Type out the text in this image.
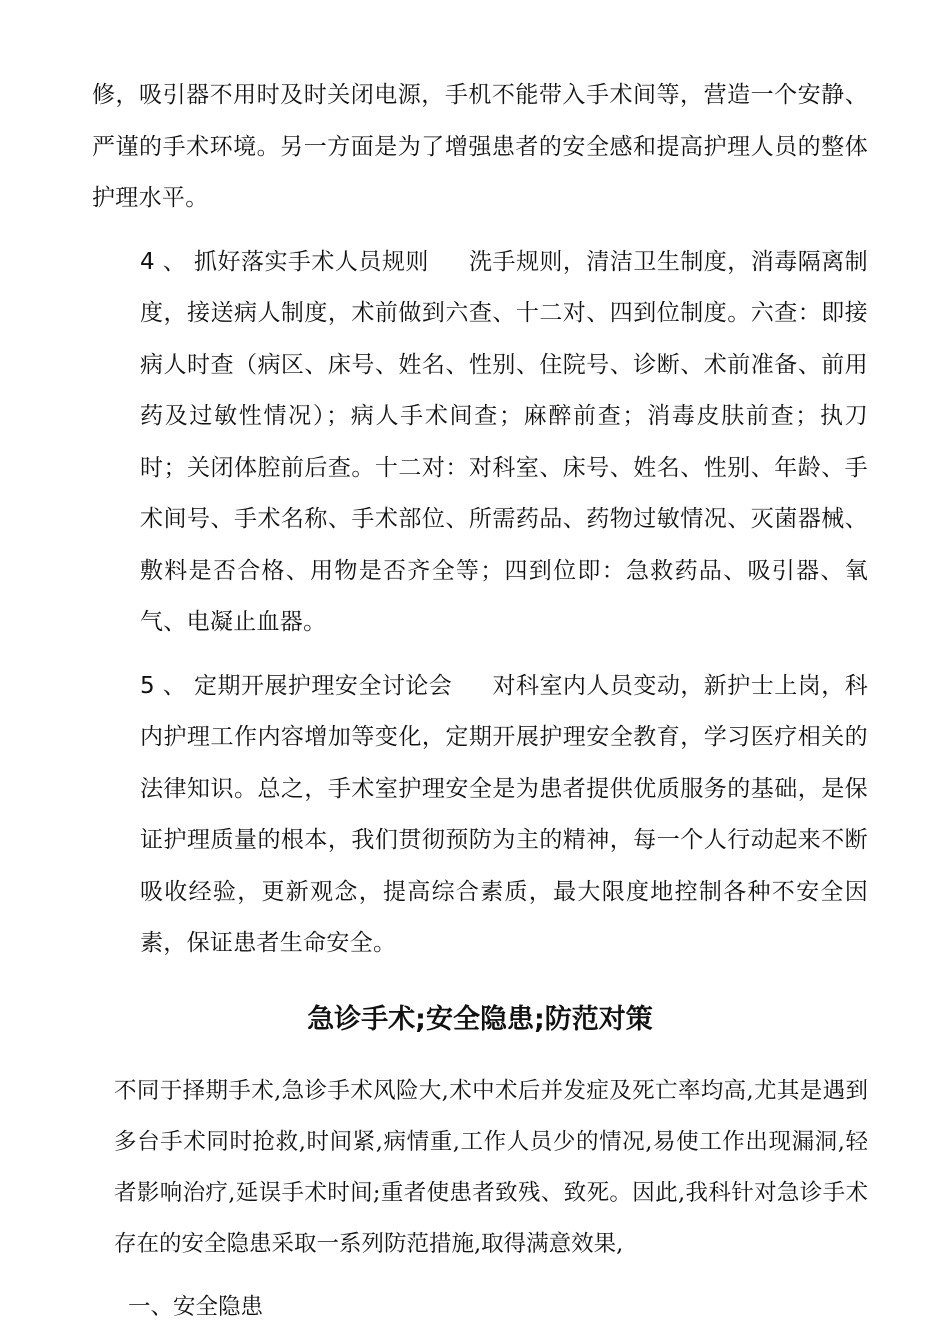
修，吸引器不用时及时关闭电源，手机不能带入手术间等，营造一个安静、严谨的手术环境。另一方面是为了增强患者的安全感和提高护理人员的整体护理水平。

4 、 抓好落实手术人员规则 洗手规则，清洁卫生制度，消毒隔离制度，接送病人制度，术前做到六查、十二对、四到位制度。六查：即接病人时查（病区、床号、姓名、性别、住院号、诊断、术前准备、前用药及过敏性情况）；病人手术间查；麻醉前查；消毒皮肤前查；执刀时；关闭体腔前后查。十二对：对科室、床号、姓名、性别、年龄、手术间号、手术名称、手术部位、所需药品、药物过敏情况、灭菌器械、敷料是否合格、用物是否齐全等；四到位即：急救药品、吸引器、氧气、电凝止血器。

5 、 定期开展护理安全讨论会 对科室内人员变动，新护士上岗，科内护理工作内容增加等变化，定期开展护理安全教育，学习医疗相关的法律知识。总之，手术室护理安全是为患者提供优质服务的基础，是保证护理质量的根本，我们贯彻预防为主的精神，每一个人行动起来不断吸收经验，更新观念，提高综合素质，最大限度地控制各种不安全因素，保证患者生命安全。

急诊手术;安全隐患;防范对策

不同于择期手术,急诊手术风险大,术中术后并发症及死亡率均高,尤其是遇到多台手术同时抢救,时间紧,病情重,工作人员少的情况,易使工作出现漏洞,轻者影响治疗,延误手术时间;重者使患者致残、致死。因此,我科针对急诊手术存在的安全隐患采取一系列防范措施,取得满意效果,

一、安全隐患
